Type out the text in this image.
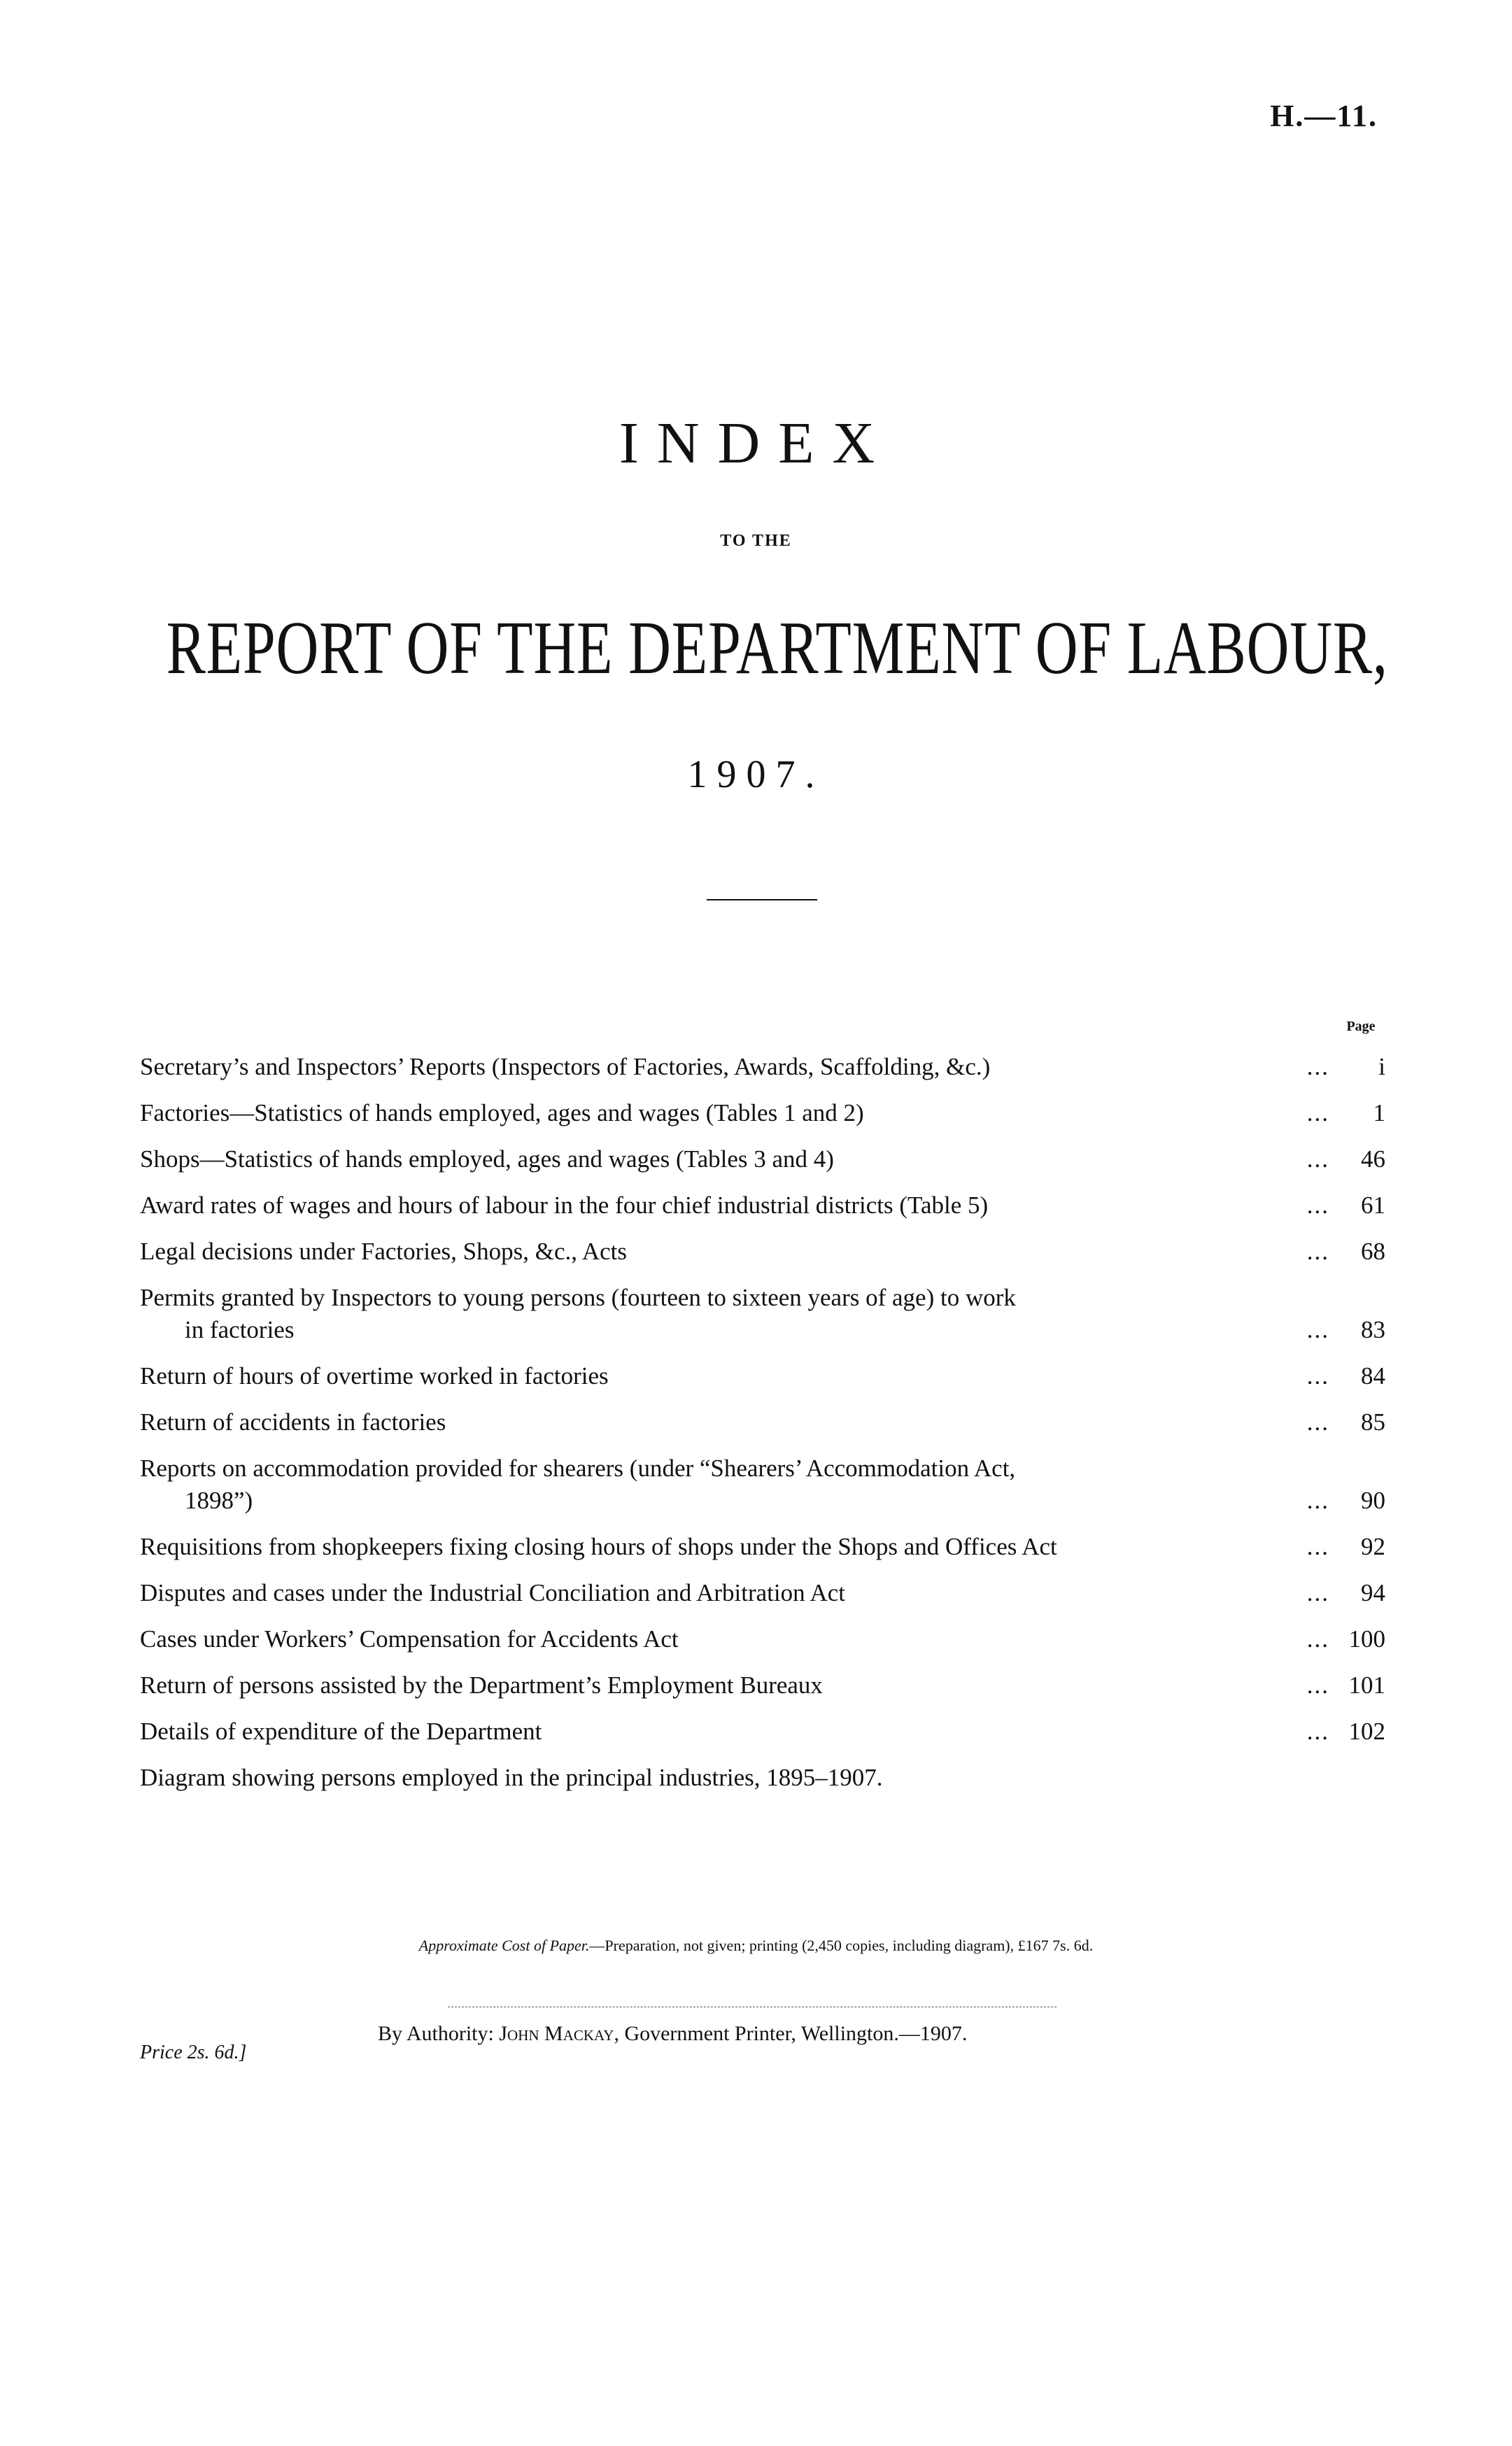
H.—11.
INDEX
TO THE
REPORT OF THE DEPARTMENT OF LABOUR,
1907.
Page
Secretary’s and Inspectors’ Reports (Inspectors of Factories, Awards, Scaffolding, &c.)	...	i
Factories—Statistics of hands employed, ages and wages (Tables 1 and 2)	...	1
Shops—Statistics of hands employed, ages and wages (Tables 3 and 4)	...	46
Award rates of wages and hours of labour in the four chief industrial districts (Table 5)	...	61
Legal decisions under Factories, Shops, &c., Acts	...	68
Permits granted by Inspectors to young persons (fourteen to sixteen years of age) to work
in factories	...	83
Return of hours of overtime worked in factories	...	84
Return of accidents in factories	...	85
Reports on accommodation provided for shearers (under “Shearers’ Accommodation Act,
1898”)	...	90
Requisitions from shopkeepers fixing closing hours of shops under the Shops and Offices Act	...	92
Disputes and cases under the Industrial Conciliation and Arbitration Act	...	94
Cases under Workers’ Compensation for Accidents Act	... 100
Return of persons assisted by the Department’s Employment Bureaux	... 101
Details of expenditure of the Department	... 102
Diagram showing persons employed in the principal industries, 1895–1907.
Approximate Cost of Paper.—Preparation, not given; printing (2,450 copies, including diagram), £167 7s. 6d.
By Authority: John Mackay, Government Printer, Wellington.—1907.
Price 2s. 6d.]
